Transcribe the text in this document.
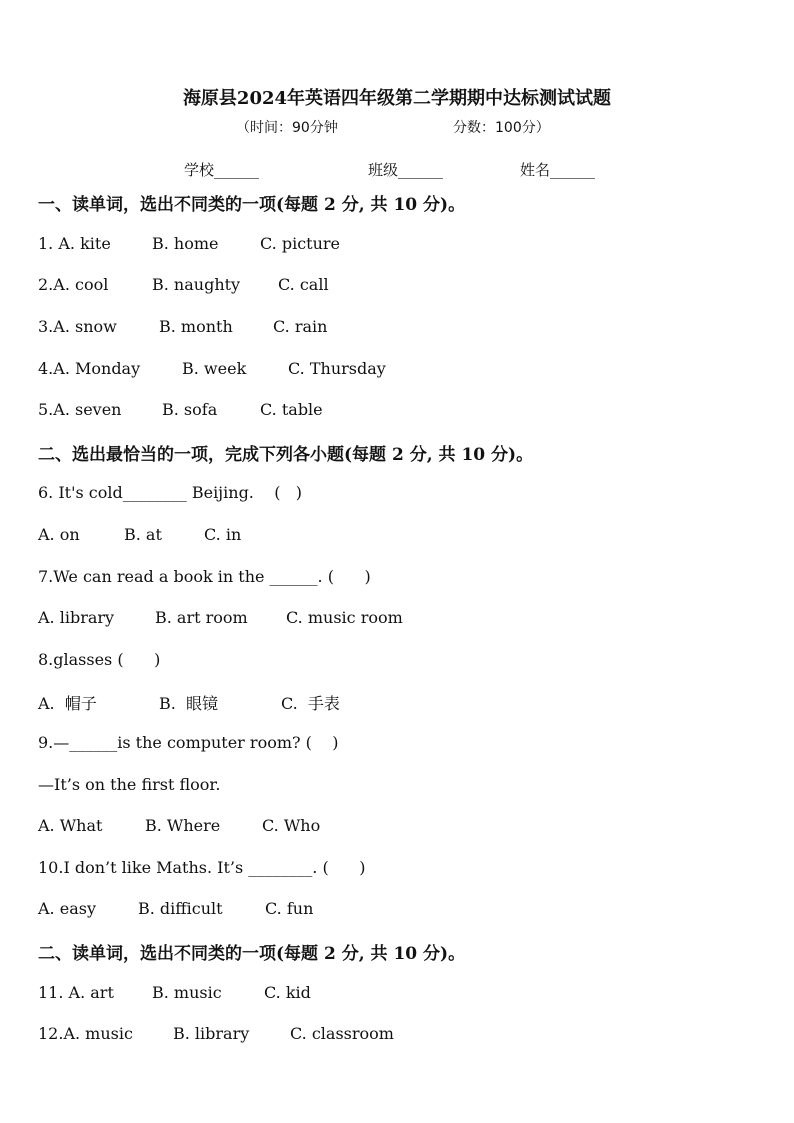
海原县2024年英语四年级第二学期期中达标测试试题
（时间：90分钟	分数：100分）
学校______	班级______	姓名______
一、读单词，选出不同类的一项(每题 2 分, 共 10 分)。
1. A. kite	B. home	C. picture
2.A. cool	B. naughty C. call
3.A. snow	B. month	C. rain
4.A. Monday	B. week	C. Thursday
5.A. seven	B. sofa	C. table
二、选出最恰当的一项，完成下列各小题(每题 2 分, 共 10 分)。
6. It's cold________ Beijing.    (   )
A. on	B. at	C. in
7.We can read a book in the ______. (      )
A. library	B. art room C. music room
8.glasses (      )
A.  帽子	B.  眼镜	C.  手表
9.—______is the computer room? (    )
—It’s on the first floor.
A. What	B. Where	C. Who
10.I don’t like Maths. It’s ________. (      )
A. easy	B. difficult	C. fun
二、读单词，选出不同类的一项(每题 2 分, 共 10 分)。
11. A. art B. music	C. kid
12.A. music	B. library	C. classroom
